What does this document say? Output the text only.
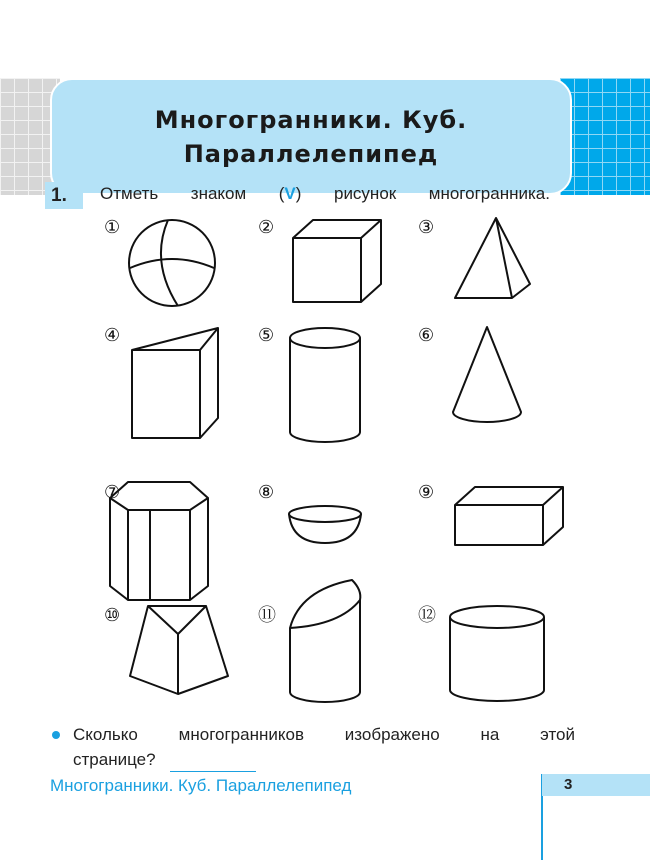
Многогранники. Куб.
Параллелепипед
1.	Отметь знаком (V) рисунок многогранника.
①	②	③
④	⑤	⑥
⑦	⑧	⑨
⑩	⑪	⑫
Сколько многогранников изображено на этой
странице?
Многогранники. Куб. Параллелепипед	3
